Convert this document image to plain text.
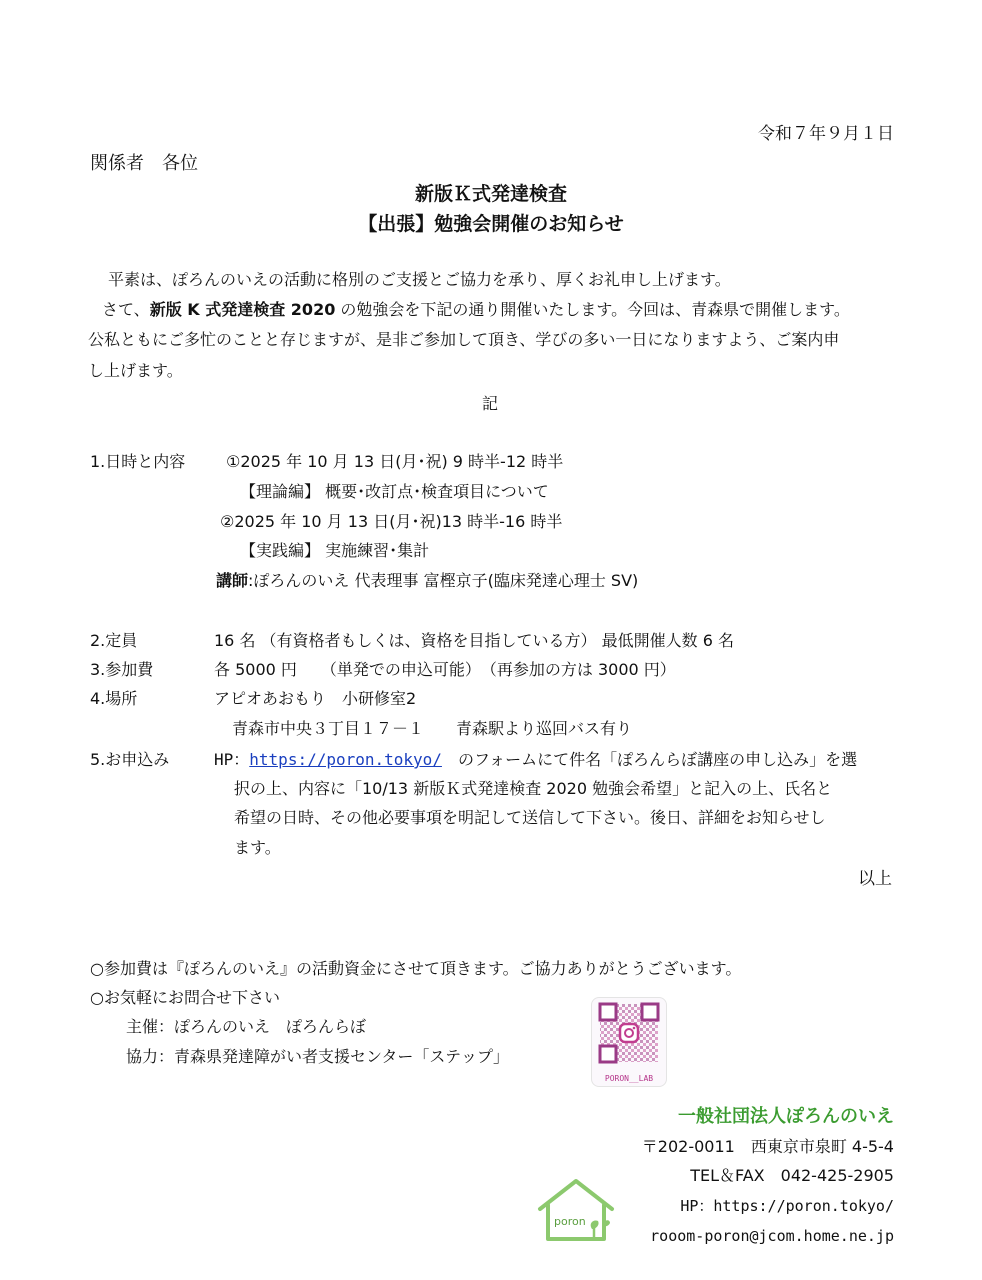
令和７年９月１日
関係者　各位
新版Ｋ式発達検査
【出張】勉強会開催のお知らせ
平素は、ぽろんのいえの活動に格別のご支援とご協力を承り、厚くお礼申し上げます。
さて、新版 K 式発達検査 2020 の勉強会を下記の通り開催いたします。今回は、青森県で開催します。
公私ともにご多忙のことと存じますが、是非ご参加して頂き、学びの多い一日になりますよう、ご案内申
し上げます。
記
1.日時と内容	①2025 年 10 月 13 日(月･祝) 9 時半-12 時半
【理論編】 概要･改訂点･検査項目について
②2025 年 10 月 13 日(月･祝)13 時半-16 時半
【実践編】 実施練習･集計
講師:ぽろんのいえ 代表理事 富樫京子(臨床発達心理士 SV)
2.定員	16 名 （有資格者もしくは、資格を目指している方） 最低開催人数 6 名
3.参加費	各 5000 円　　（単発での申込可能）　（再参加の方は 3000 円）
4.場所	アピオあおもり　小研修室2
青森市中央３丁目１７－１　　青森駅より巡回バス有り
5.お申込み	HP：https://poron.tokyo/　のフォームにて件名「ぽろんらぼ講座の申し込み」を選
択の上、内容に「10/13 新版Ｋ式発達検査 2020 勉強会希望」と記入の上、氏名と
希望の日時、その他必要事項を明記して送信して下さい。後日、詳細をお知らせし
ます。
以上
○参加費は『ぽろんのいえ』の活動資金にさせて頂きます。ご協力ありがとうございます。
○お気軽にお問合せ下さい
主催：ぽろんのいえ　ぽろんらぼ
協力：青森県発達障がい者支援センター「ステップ」
PORON__LAB
一般社団法人ぽろんのいえ
〒202-0011　西東京市泉町 4-5-4
TEL＆FAX　042-425-2905
HP：https://poron.tokyo/
rooom-poron@jcom.home.ne.jp
poron
